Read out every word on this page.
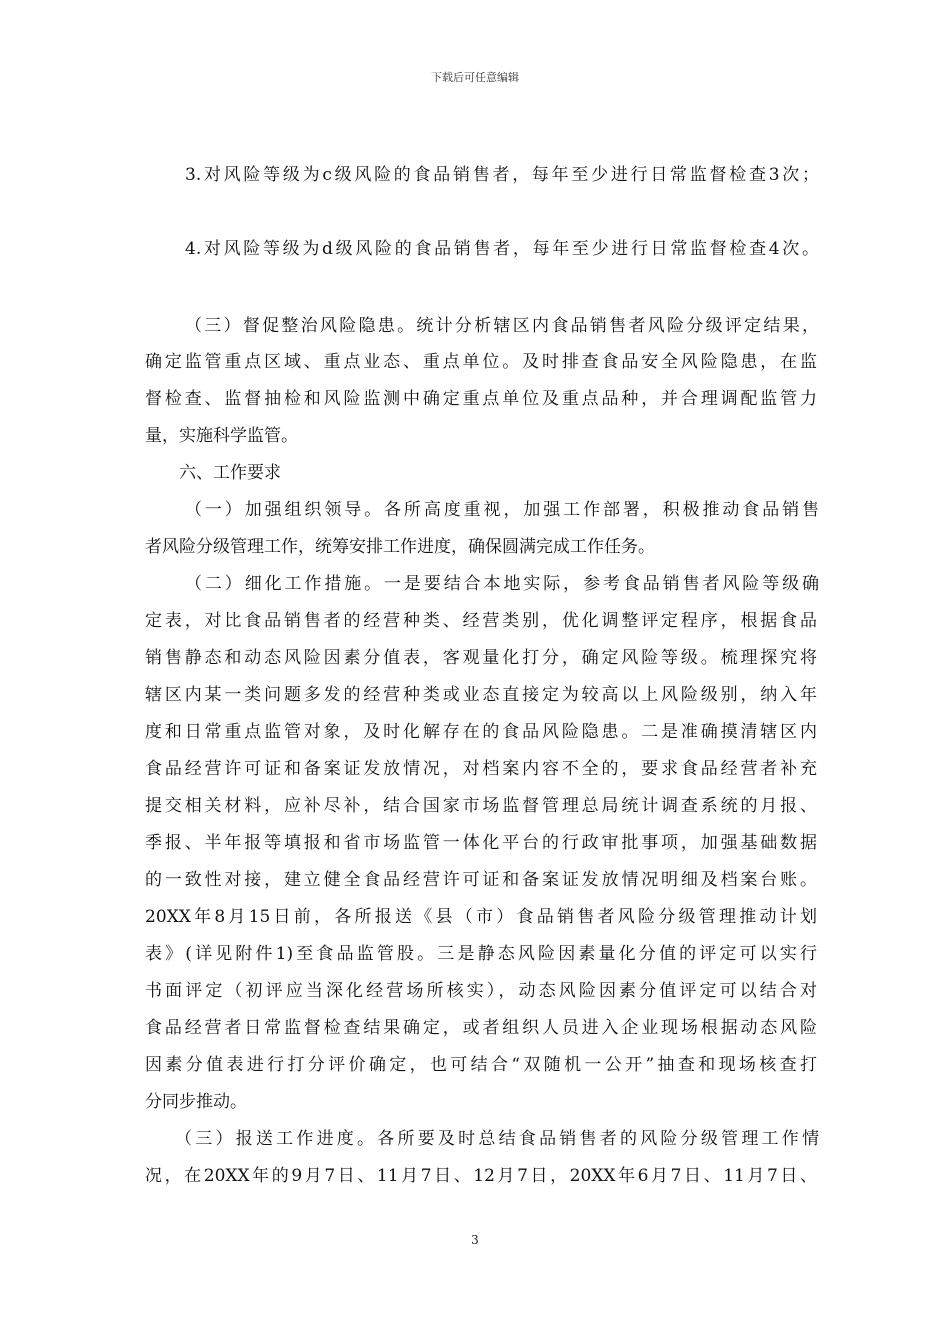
下载后可任意编辑
3.对风险等级为c级风险的食品销售者，每年至少进行日常监督检查3次；
4.对风险等级为d级风险的食品销售者，每年至少进行日常监督检查4次。
（三）督促整治风险隐患。统计分析辖区内食品销售者风险分级评定结果，
确定监管重点区域、重点业态、重点单位。及时排查食品安全风险隐患，在监
督检查、监督抽检和风险监测中确定重点单位及重点品种，并合理调配监管力
量，实施科学监管。
六、工作要求
（一）加强组织领导。各所高度重视，加强工作部署，积极推动食品销售
者风险分级管理工作，统筹安排工作进度，确保圆满完成工作任务。
（二）细化工作措施。一是要结合本地实际，参考食品销售者风险等级确
定表，对比食品销售者的经营种类、经营类别，优化调整评定程序，根据食品
销售静态和动态风险因素分值表，客观量化打分，确定风险等级。梳理探究将
辖区内某一类问题多发的经营种类或业态直接定为较高以上风险级别，纳入年
度和日常重点监管对象，及时化解存在的食品风险隐患。二是准确摸清辖区内
食品经营许可证和备案证发放情况，对档案内容不全的，要求食品经营者补充
提交相关材料，应补尽补，结合国家市场监督管理总局统计调查系统的月报、
季报、半年报等填报和省市场监管一体化平台的行政审批事项，加强基础数据
的一致性对接，建立健全食品经营许可证和备案证发放情况明细及档案台账。
20XX年8月15日前，各所报送《县（市）食品销售者风险分级管理推动计划
表》(详见附件1)至食品监管股。三是静态风险因素量化分值的评定可以实行
书面评定（初评应当深化经营场所核实），动态风险因素分值评定可以结合对
食品经营者日常监督检查结果确定，或者组织人员进入企业现场根据动态风险
因素分值表进行打分评价确定，也可结合“双随机一公开”抽查和现场核查打
分同步推动。
（三）报送工作进度。各所要及时总结食品销售者的风险分级管理工作情
况，在20XX年的9月7日、11月7日、12月7日，20XX年6月7日、11月7日、
3
